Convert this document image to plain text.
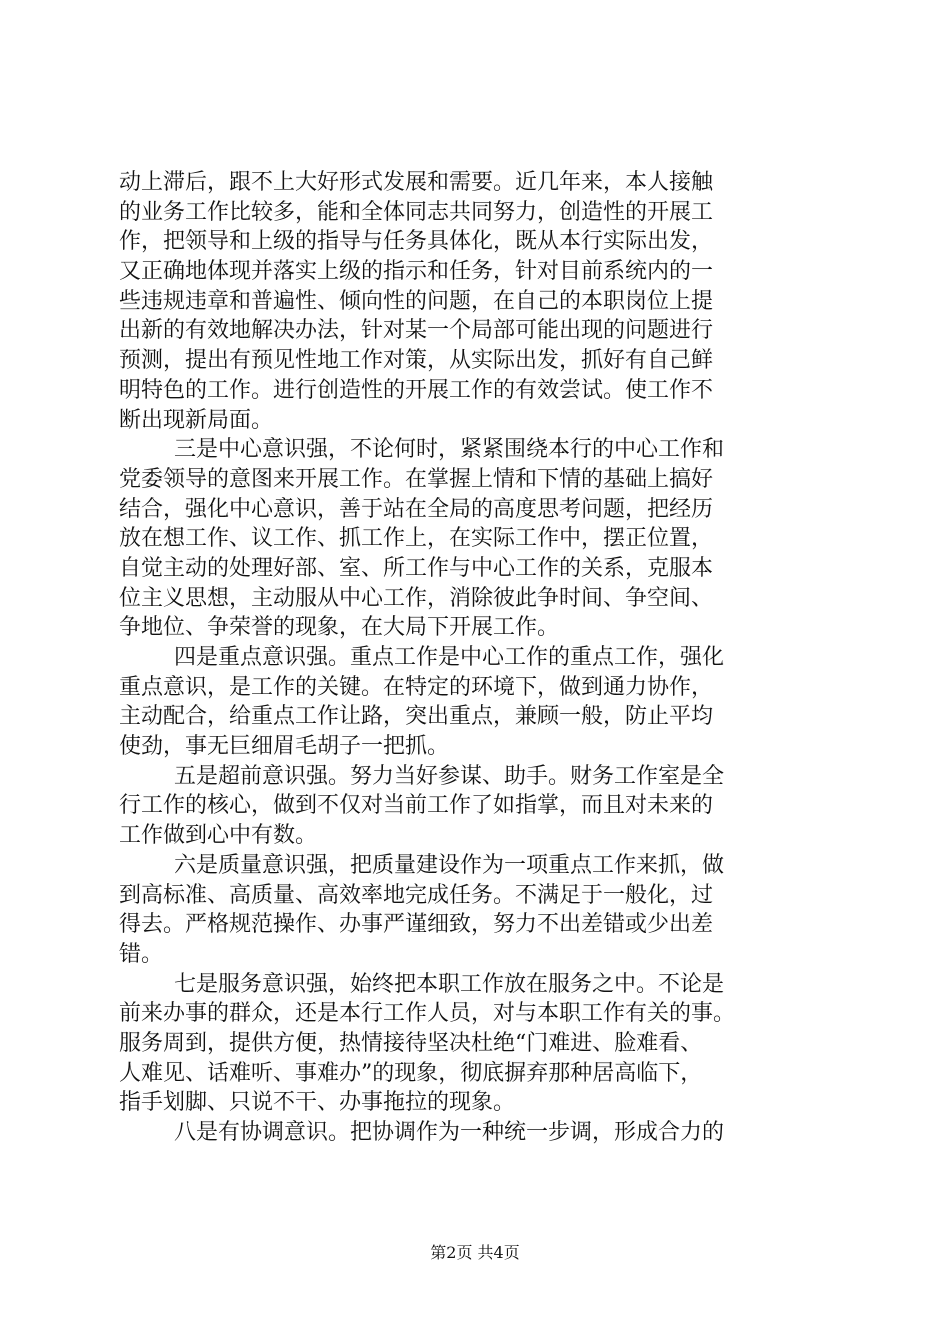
动上滞后，跟不上大好形式发展和需要。近几年来，本人接触
的业务工作比较多，能和全体同志共同努力，创造性的开展工
作，把领导和上级的指导与任务具体化，既从本行实际出发，
又正确地体现并落实上级的指示和任务，针对目前系统内的一
些违规违章和普遍性、倾向性的问题，在自己的本职岗位上提
出新的有效地解决办法，针对某一个局部可能出现的问题进行
预测，提出有预见性地工作对策，从实际出发，抓好有自己鲜
明特色的工作。进行创造性的开展工作的有效尝试。使工作不
断出现新局面。
三是中心意识强，不论何时，紧紧围绕本行的中心工作和
党委领导的意图来开展工作。在掌握上情和下情的基础上搞好
结合，强化中心意识，善于站在全局的高度思考问题，把经历
放在想工作、议工作、抓工作上，在实际工作中，摆正位置，
自觉主动的处理好部、室、所工作与中心工作的关系，克服本
位主义思想，主动服从中心工作，消除彼此争时间、争空间、
争地位、争荣誉的现象，在大局下开展工作。
四是重点意识强。重点工作是中心工作的重点工作，强化
重点意识，是工作的关键。在特定的环境下，做到通力协作，
主动配合，给重点工作让路，突出重点，兼顾一般，防止平均
使劲，事无巨细眉毛胡子一把抓。
五是超前意识强。努力当好参谋、助手。财务工作室是全
行工作的核心，做到不仅对当前工作了如指掌，而且对未来的
工作做到心中有数。
六是质量意识强，把质量建设作为一项重点工作来抓，做
到高标准、高质量、高效率地完成任务。不满足于一般化，过
得去。严格规范操作、办事严谨细致，努力不出差错或少出差
错。
七是服务意识强，始终把本职工作放在服务之中。不论是
前来办事的群众，还是本行工作人员，对与本职工作有关的事。
服务周到，提供方便，热情接待坚决杜绝“门难进、脸难看、
人难见、话难听、事难办”的现象，彻底摒弃那种居高临下，
指手划脚、只说不干、办事拖拉的现象。
八是有协调意识。把协调作为一种统一步调，形成合力的
第2页 共4页
